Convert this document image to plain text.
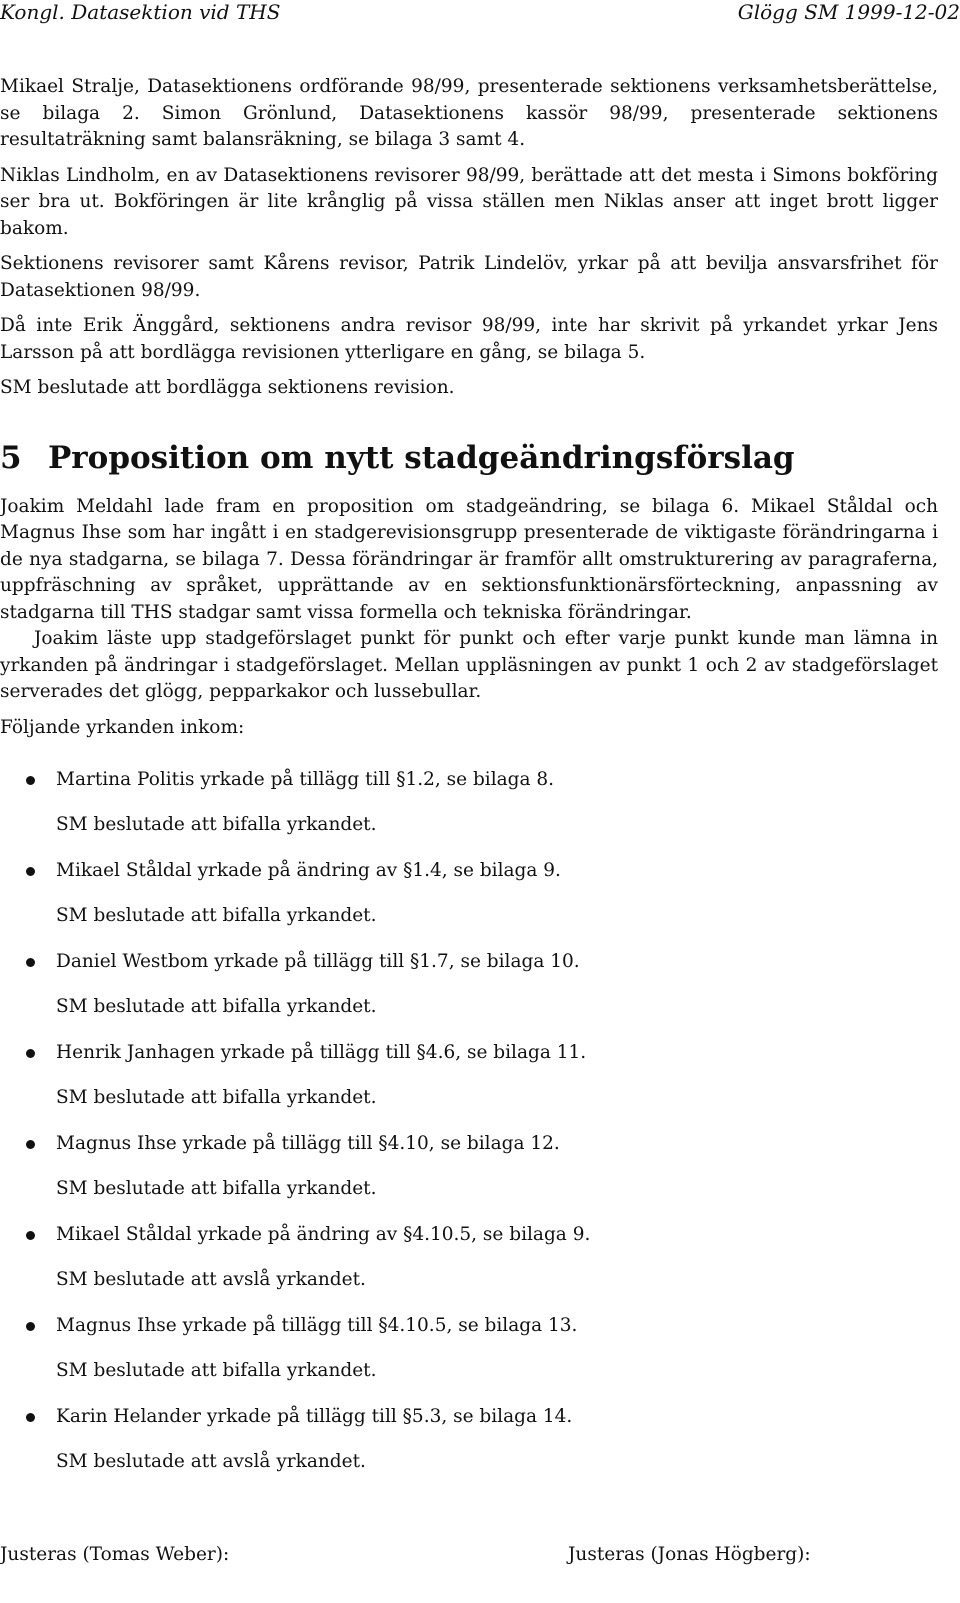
Kongl. Datasektion vid THS	Glögg SM 1999-12-02

Mikael Stralje, Datasektionens ordförande 98/99, presenterade sektionens verksamhetsberättelse, se bilaga 2. Simon Grönlund, Datasektionens kassör 98/99, presenterade sektionens resultaträkning samt balansräkning, se bilaga 3 samt 4.

Niklas Lindholm, en av Datasektionens revisorer 98/99, berättade att det mesta i Simons bokföring ser bra ut. Bokföringen är lite krånglig på vissa ställen men Niklas anser att inget brott ligger bakom.

Sektionens revisorer samt Kårens revisor, Patrik Lindelöv, yrkar på att bevilja ansvarsfrihet för Datasektionen 98/99.

Då inte Erik Änggård, sektionens andra revisor 98/99, inte har skrivit på yrkandet yrkar Jens Larsson på att bordlägga revisionen ytterligare en gång, se bilaga 5.

SM beslutade att bordlägga sektionens revision.

5 Proposition om nytt stadgeändringsförslag

Joakim Meldahl lade fram en proposition om stadgeändring, se bilaga 6. Mikael Ståldal och Magnus Ihse som har ingått i en stadgerevisionsgrupp presenterade de viktigaste förändringarna i de nya stadgarna, se bilaga 7. Dessa förändringar är framför allt omstrukturering av paragraferna, uppfräschning av språket, upprättande av en sektionsfunktionärsförteckning, anpassning av stadgarna till THS stadgar samt vissa formella och tekniska förändringar.

Joakim läste upp stadgeförslaget punkt för punkt och efter varje punkt kunde man lämna in yrkanden på ändringar i stadgeförslaget. Mellan uppläsningen av punkt 1 och 2 av stadgeförslaget serverades det glögg, pepparkakor och lussebullar.

Följande yrkanden inkom:

Martina Politis yrkade på tillägg till §1.2, se bilaga 8.
SM beslutade att bifalla yrkandet.
Mikael Ståldal yrkade på ändring av §1.4, se bilaga 9.
SM beslutade att bifalla yrkandet.
Daniel Westbom yrkade på tillägg till §1.7, se bilaga 10.
SM beslutade att bifalla yrkandet.
Henrik Janhagen yrkade på tillägg till §4.6, se bilaga 11.
SM beslutade att bifalla yrkandet.
Magnus Ihse yrkade på tillägg till §4.10, se bilaga 12.
SM beslutade att bifalla yrkandet.
Mikael Ståldal yrkade på ändring av §4.10.5, se bilaga 9.
SM beslutade att avslå yrkandet.
Magnus Ihse yrkade på tillägg till §4.10.5, se bilaga 13.
SM beslutade att bifalla yrkandet.
Karin Helander yrkade på tillägg till §5.3, se bilaga 14.
SM beslutade att avslå yrkandet.
Justeras (Tomas Weber):	Justeras (Jonas Högberg):
